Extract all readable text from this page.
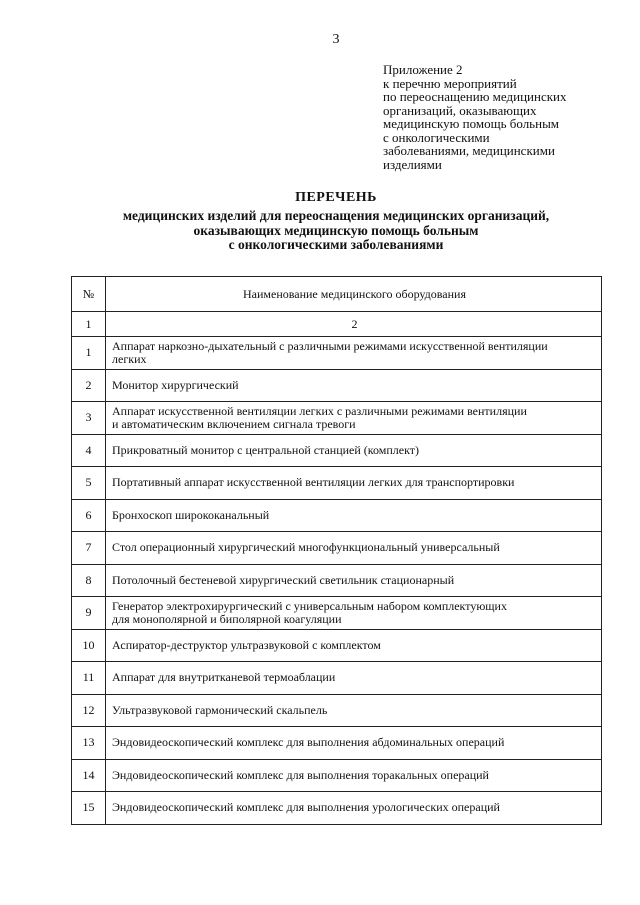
3
Приложение 2
к перечню мероприятий
по переоснащению медицинских
организаций, оказывающих
медицинскую помощь больным
с онкологическими
заболеваниями, медицинскими
изделиями
ПЕРЕЧЕНЬ
медицинских изделий для переоснащения медицинских организаций,
оказывающих медицинскую помощь больным
с онкологическими заболеваниями
№	Наименование медицинского оборудования
1	2
1	Аппарат наркозно-дыхательный с различными режимами искусственной вентиляции
легких

2	Монитор хирургический

3	Аппарат искусственной вентиляции легких с различными режимами вентиляции
и автоматическим включением сигнала тревоги

4	Прикроватный монитор с центральной станцией (комплект)

5	Портативный аппарат искусственной вентиляции легких для транспортировки

6	Бронхоскоп ширококанальный

7	Стол операционный хирургический многофункциональный универсальный

8	Потолочный бестеневой хирургический светильник стационарный

9	Генератор электрохирургический с универсальным набором комплектующих
для монополярной и биполярной коагуляции

10	Аспиратор-деструктор ультразвуковой с комплектом

11	Аппарат для внутритканевой термоаблации

12	Ультразвуковой гармонический скальпель

13	Эндовидеоскопический комплекс для выполнения абдоминальных операций

14	Эндовидеоскопический комплекс для выполнения торакальных операций

15	Эндовидеоскопический комплекс для выполнения урологических операций
